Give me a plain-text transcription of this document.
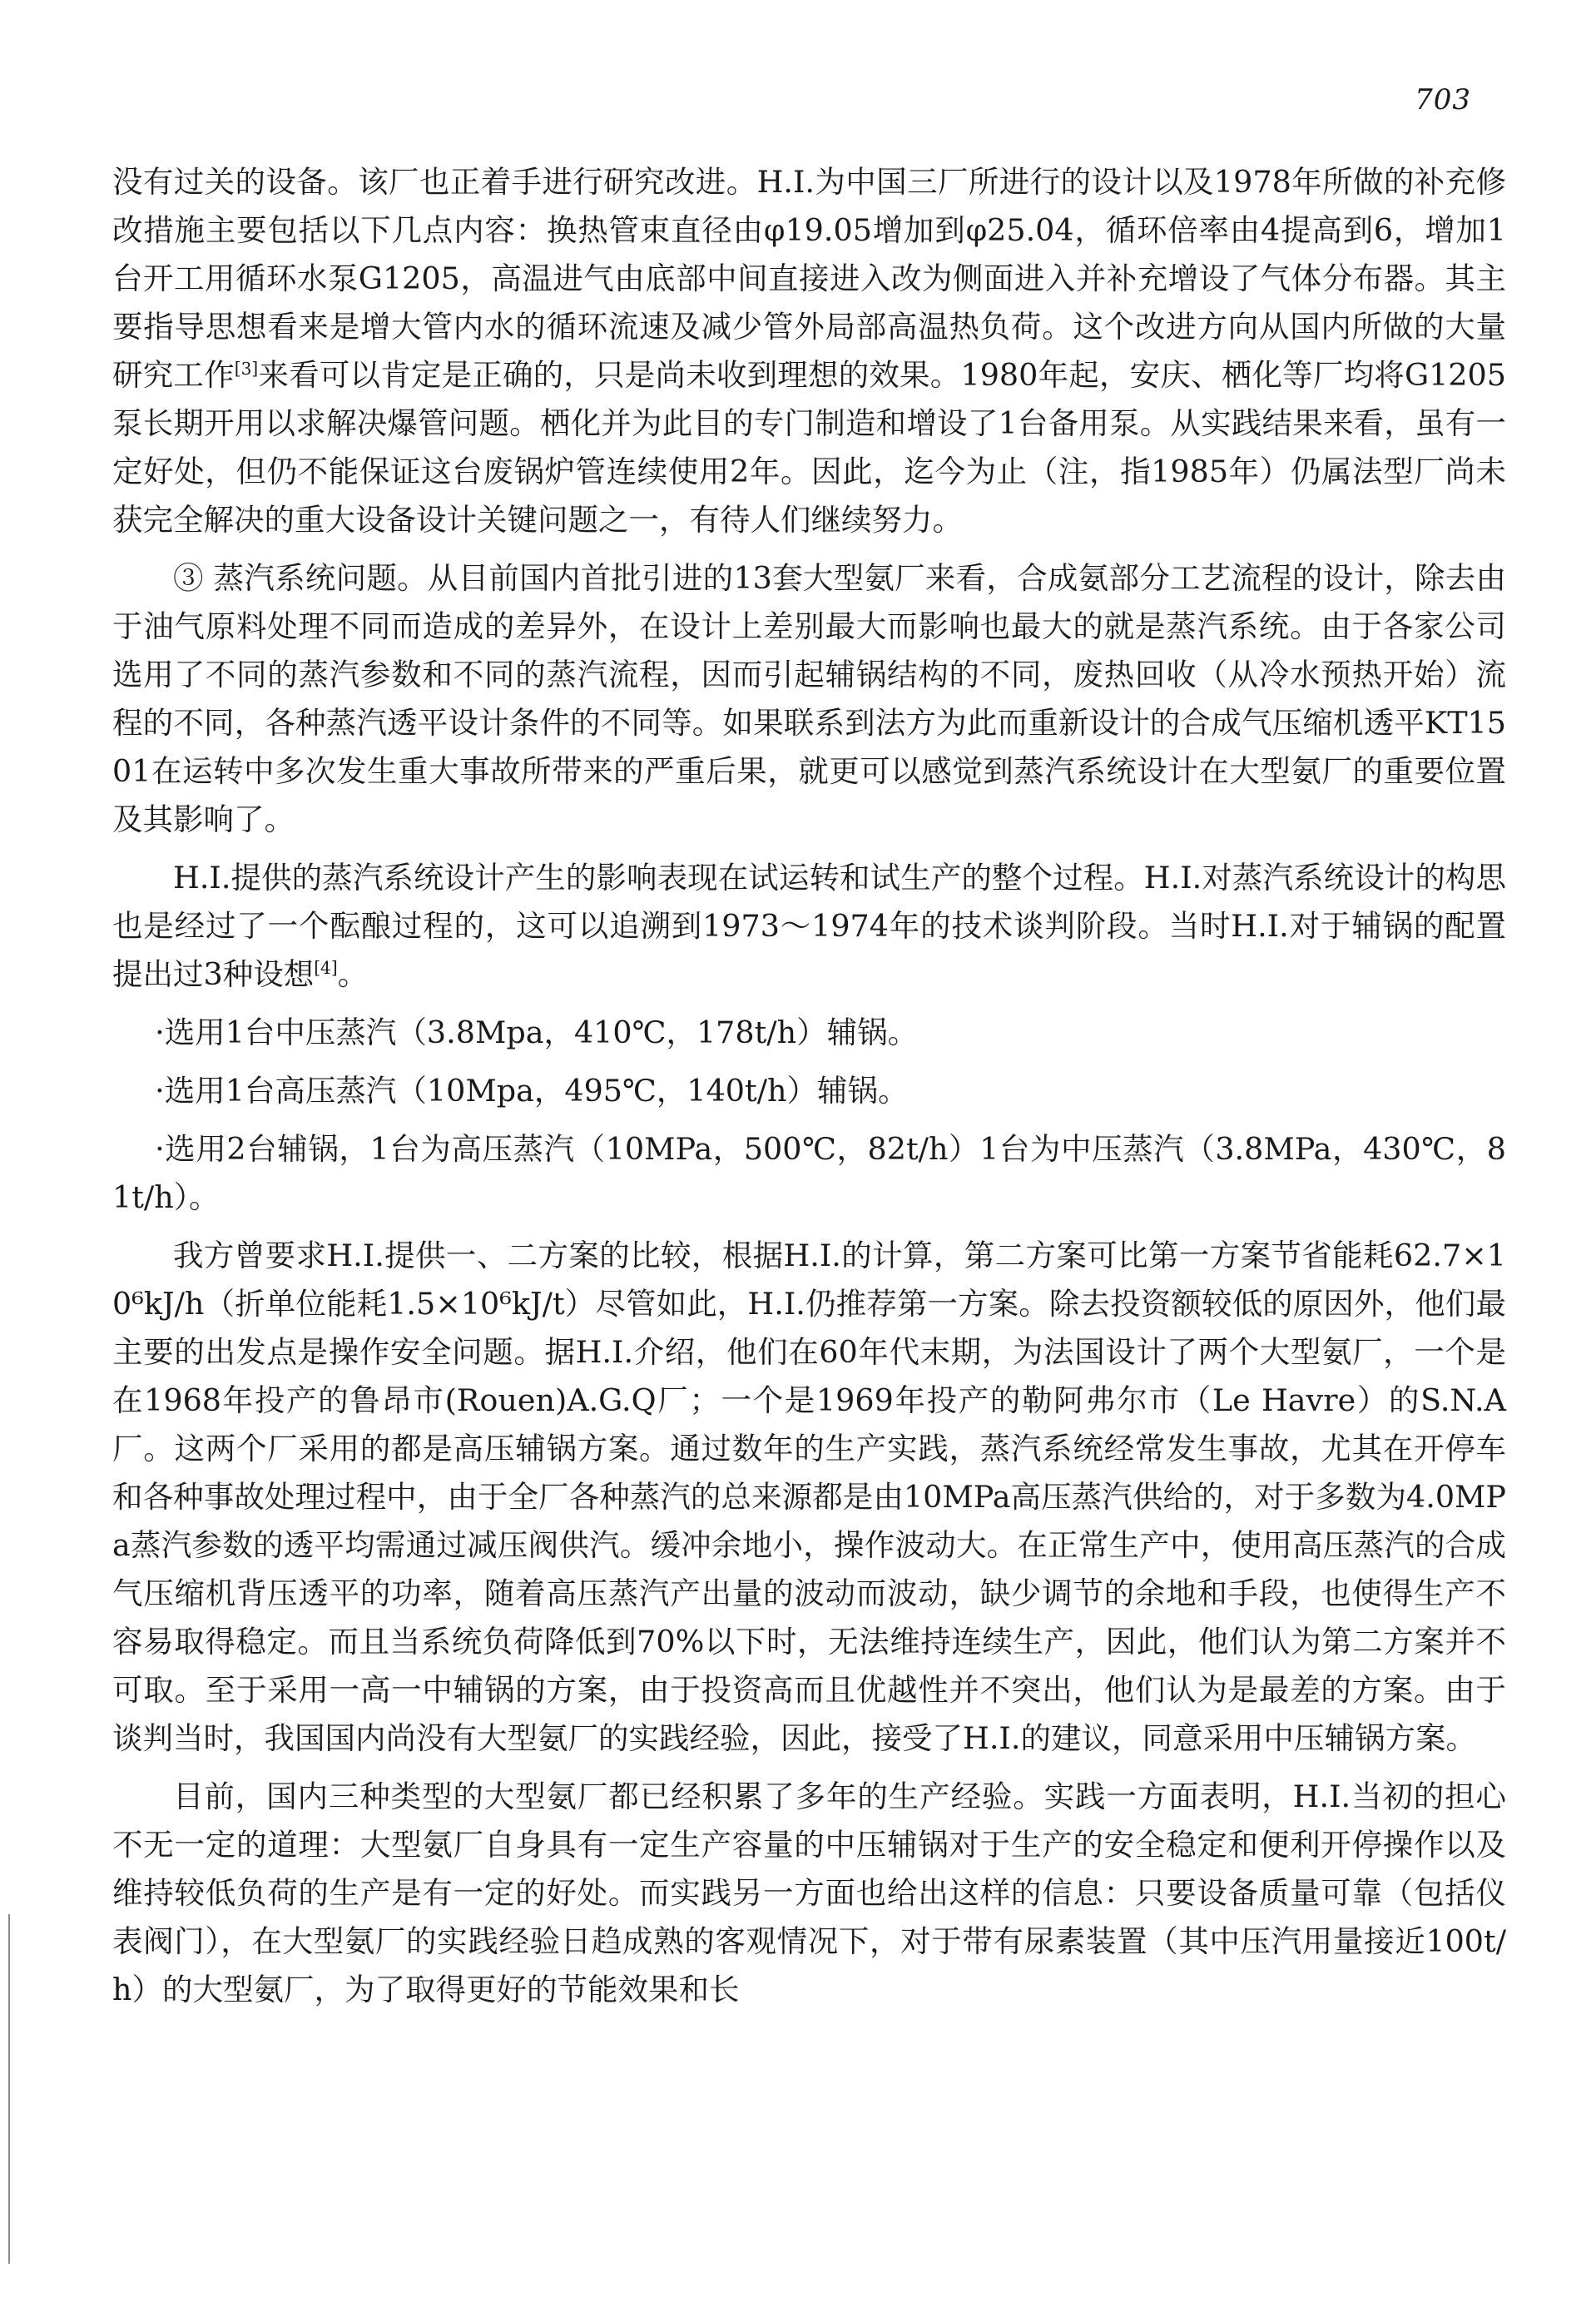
703

没有过关的设备。该厂也正着手进行研究改进。H.I.为中国三厂所进行的设计以及1978年所做的补充修改措施主要包括以下几点内容：换热管束直径由φ19.05增加到φ25.04，循环倍率由4提高到6，增加1台开工用循环水泵G1205，高温进气由底部中间直接进入改为侧面进入并补充增设了气体分布器。其主要指导思想看来是增大管内水的循环流速及减少管外局部高温热负荷。这个改进方向从国内所做的大量研究工作[3]来看可以肯定是正确的，只是尚未收到理想的效果。1980年起，安庆、栖化等厂均将G1205泵长期开用以求解决爆管问题。栖化并为此目的专门制造和增设了1台备用泵。从实践结果来看，虽有一定好处，但仍不能保证这台废锅炉管连续使用2年。因此，迄今为止（注，指1985年）仍属法型厂尚未获完全解决的重大设备设计关键问题之一，有待人们继续努力。

③ 蒸汽系统问题。从目前国内首批引进的13套大型氨厂来看，合成氨部分工艺流程的设计，除去由于油气原料处理不同而造成的差异外，在设计上差别最大而影响也最大的就是蒸汽系统。由于各家公司选用了不同的蒸汽参数和不同的蒸汽流程，因而引起辅锅结构的不同，废热回收（从冷水预热开始）流程的不同，各种蒸汽透平设计条件的不同等。如果联系到法方为此而重新设计的合成气压缩机透平KT1501在运转中多次发生重大事故所带来的严重后果，就更可以感觉到蒸汽系统设计在大型氨厂的重要位置及其影响了。

H.I.提供的蒸汽系统设计产生的影响表现在试运转和试生产的整个过程。H.I.对蒸汽系统设计的构思也是经过了一个酝酿过程的，这可以追溯到1973～1974年的技术谈判阶段。当时H.I.对于辅锅的配置提出过3种设想[4]。

·选用1台中压蒸汽（3.8Mpa，410℃，178t/h）辅锅。

·选用1台高压蒸汽（10Mpa，495℃，140t/h）辅锅。

·选用2台辅锅，1台为高压蒸汽（10MPa，500℃，82t/h）1台为中压蒸汽（3.8MPa，430℃，81t/h）。

我方曾要求H.I.提供一、二方案的比较，根据H.I.的计算，第二方案可比第一方案节省能耗62.7×10⁶kJ/h（折单位能耗1.5×10⁶kJ/t）尽管如此，H.I.仍推荐第一方案。除去投资额较低的原因外，他们最主要的出发点是操作安全问题。据H.I.介绍，他们在60年代末期，为法国设计了两个大型氨厂，一个是在1968年投产的鲁昂市(Rouen)A.G.Q厂；一个是1969年投产的勒阿弗尔市（Le Havre）的S.N.A厂。这两个厂采用的都是高压辅锅方案。通过数年的生产实践，蒸汽系统经常发生事故，尤其在开停车和各种事故处理过程中，由于全厂各种蒸汽的总来源都是由10MPa高压蒸汽供给的，对于多数为4.0MPa蒸汽参数的透平均需通过减压阀供汽。缓冲余地小，操作波动大。在正常生产中，使用高压蒸汽的合成气压缩机背压透平的功率，随着高压蒸汽产出量的波动而波动，缺少调节的余地和手段，也使得生产不容易取得稳定。而且当系统负荷降低到70%以下时，无法维持连续生产，因此，他们认为第二方案并不可取。至于采用一高一中辅锅的方案，由于投资高而且优越性并不突出，他们认为是最差的方案。由于谈判当时，我国国内尚没有大型氨厂的实践经验，因此，接受了H.I.的建议，同意采用中压辅锅方案。

目前，国内三种类型的大型氨厂都已经积累了多年的生产经验。实践一方面表明，H.I.当初的担心不无一定的道理：大型氨厂自身具有一定生产容量的中压辅锅对于生产的安全稳定和便利开停操作以及维持较低负荷的生产是有一定的好处。而实践另一方面也给出这样的信息：只要设备质量可靠（包括仪表阀门），在大型氨厂的实践经验日趋成熟的客观情况下，对于带有尿素装置（其中压汽用量接近100t/h）的大型氨厂，为了取得更好的节能效果和长
